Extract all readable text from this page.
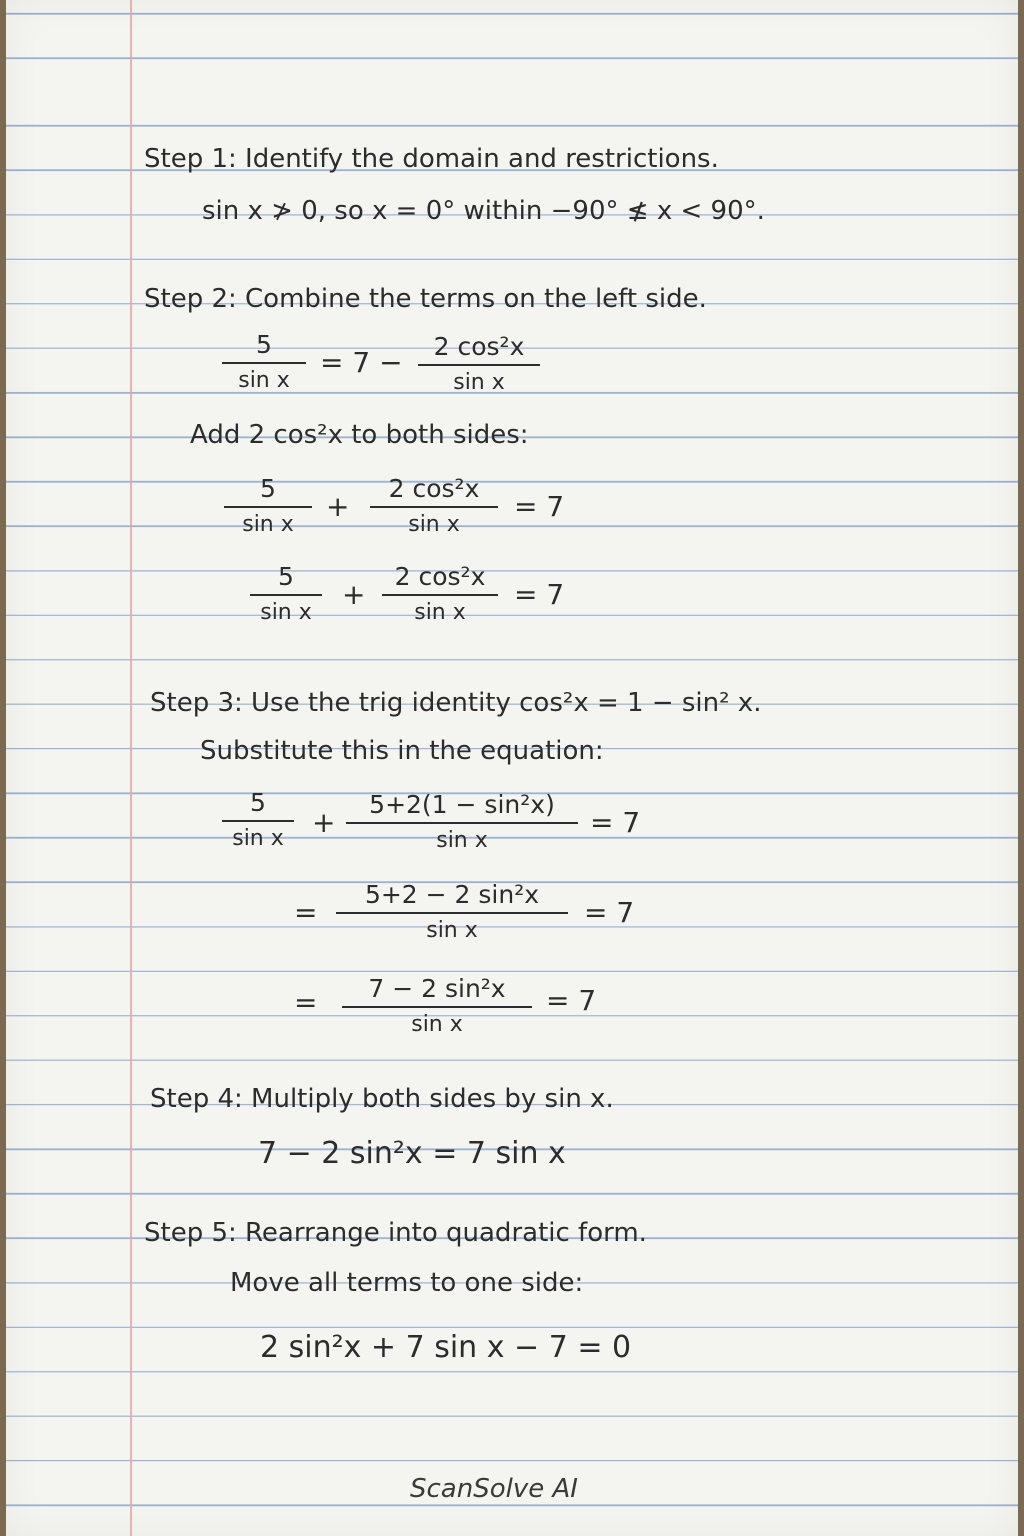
Step 1: Identify the domain and restrictions.
sin x ≯ 0, so x = 0° within −90° ≰ x < 90°.
Step 2: Combine the terms on the left side.
5
sin x
= 7 −	2 cos²x
sin x
Add 2 cos²x to both sides:
5
sin x
+
2 cos²x
sin x
= 7
5
sin x
+
2 cos²x
sin x
= 7
Step 3: Use the trig identity cos²x = 1 − sin² x.
Substitute this in the equation:
5
sin x	+
5+2(1 − sin²x)
sin x
= 7
=
5+2 − 2 sin²x
sin x
= 7
=	7 − 2 sin²x
sin x
= 7
Step 4: Multiply both sides by sin x.
7 − 2 sin²x = 7 sin x
Step 5: Rearrange into quadratic form.
Move all terms to one side:
2 sin²x + 7 sin x − 7 = 0
ScanSolve AI
